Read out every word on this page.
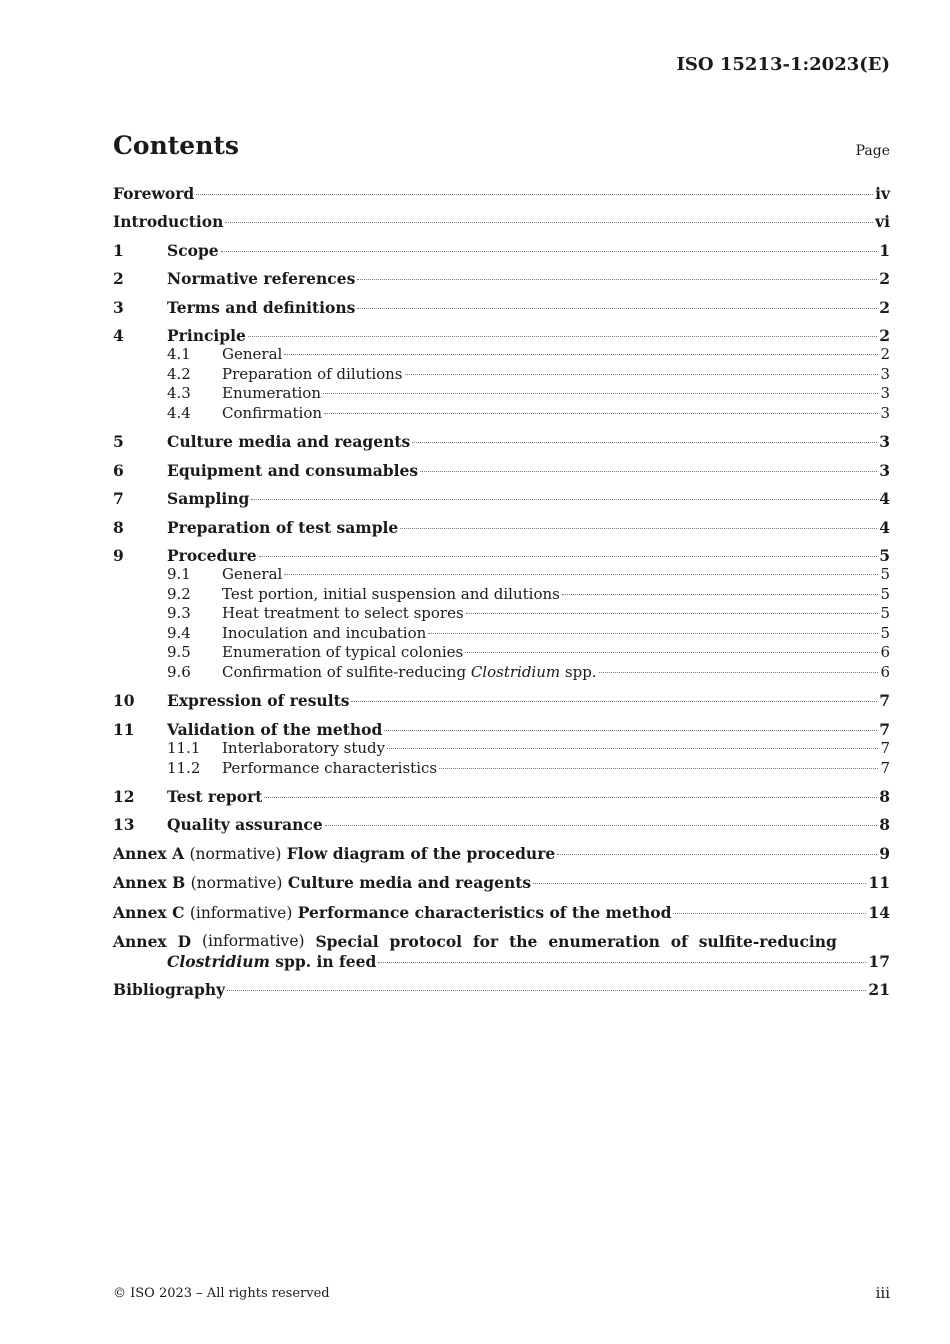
ISO 15213-1:2023(E)
Contents	Page
Foreword	iv
Introduction	vi
1	Scope	1
2	Normative references	2
3	Terms and definitions	2
4	Principle	2
4.1	General	2
4.2	Preparation of dilutions	3
4.3	Enumeration	3
4.4	Confirmation	3
5	Culture media and reagents	3
6	Equipment and consumables	3
7	Sampling	4
8	Preparation of test sample	4
9	Procedure	5
9.1	General	5
9.2	Test portion, initial suspension and dilutions	5
9.3	Heat treatment to select spores	5
9.4	Inoculation and incubation	5
9.5	Enumeration of typical colonies	6
9.6	Confirmation of sulfite-reducing Clostridium spp.	6
10	Expression of results	7
11	Validation of the method	7
11.1	Interlaboratory study	7
11.2	Performance characteristics	7
12	Test report	8
13	Quality assurance	8
Annex A (normative) Flow diagram of the procedure	9
Annex B (normative) Culture media and reagents	11
Annex C (informative) Performance characteristics of the method	14
Annex D (informative) Special protocol for the enumeration of sulfite-reducing
Clostridium spp. in feed	17
Bibliography	21
© ISO 2023 – All rights reserved	iii
